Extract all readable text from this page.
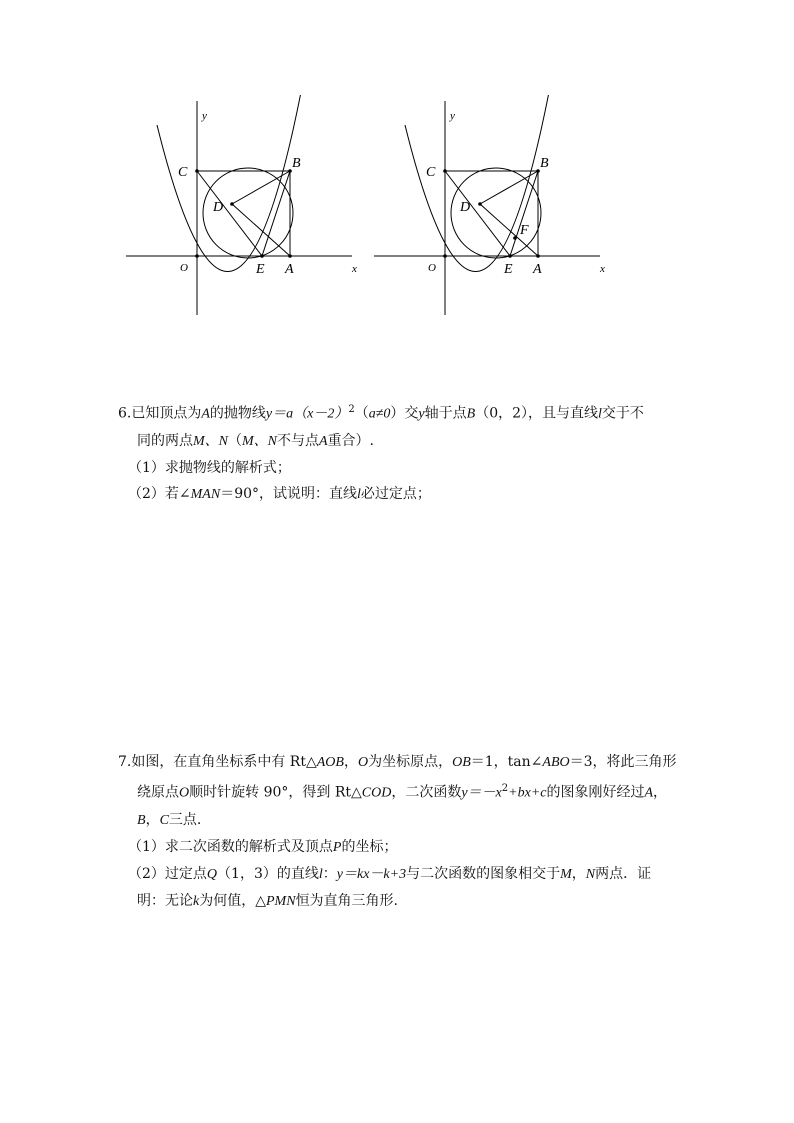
y
x
O
C
B
D
E A
y
x
O
C
B
D
F
E A
6.已知顶点为A的抛物线$y=a(x-2)^2(a\ne 0)$交y轴于点B（0，2），且与直线l交于不
同的两点M、N（M、N不与点A重合）.
（1）求抛物线的解析式；
（2）若∠MAN＝90°，试说明：直线l必过定点；
7.如图，在直角坐标系中有 Rt△AOB，O为坐标原点，OB＝1，tan∠ABO＝3，将此三角形
绕原点O顺时针旋转 90°，得到 Rt△COD，二次函数$y=-x^2+bx+c$的图象刚好经过A，
B，C三点.
（1）求二次函数的解析式及顶点P的坐标；
（2）过定点Q（1，3）的直线l：y＝kx－k+3与二次函数的图象相交于M，N两点．证
明：无论k为何值，△PMN恒为直角三角形.
